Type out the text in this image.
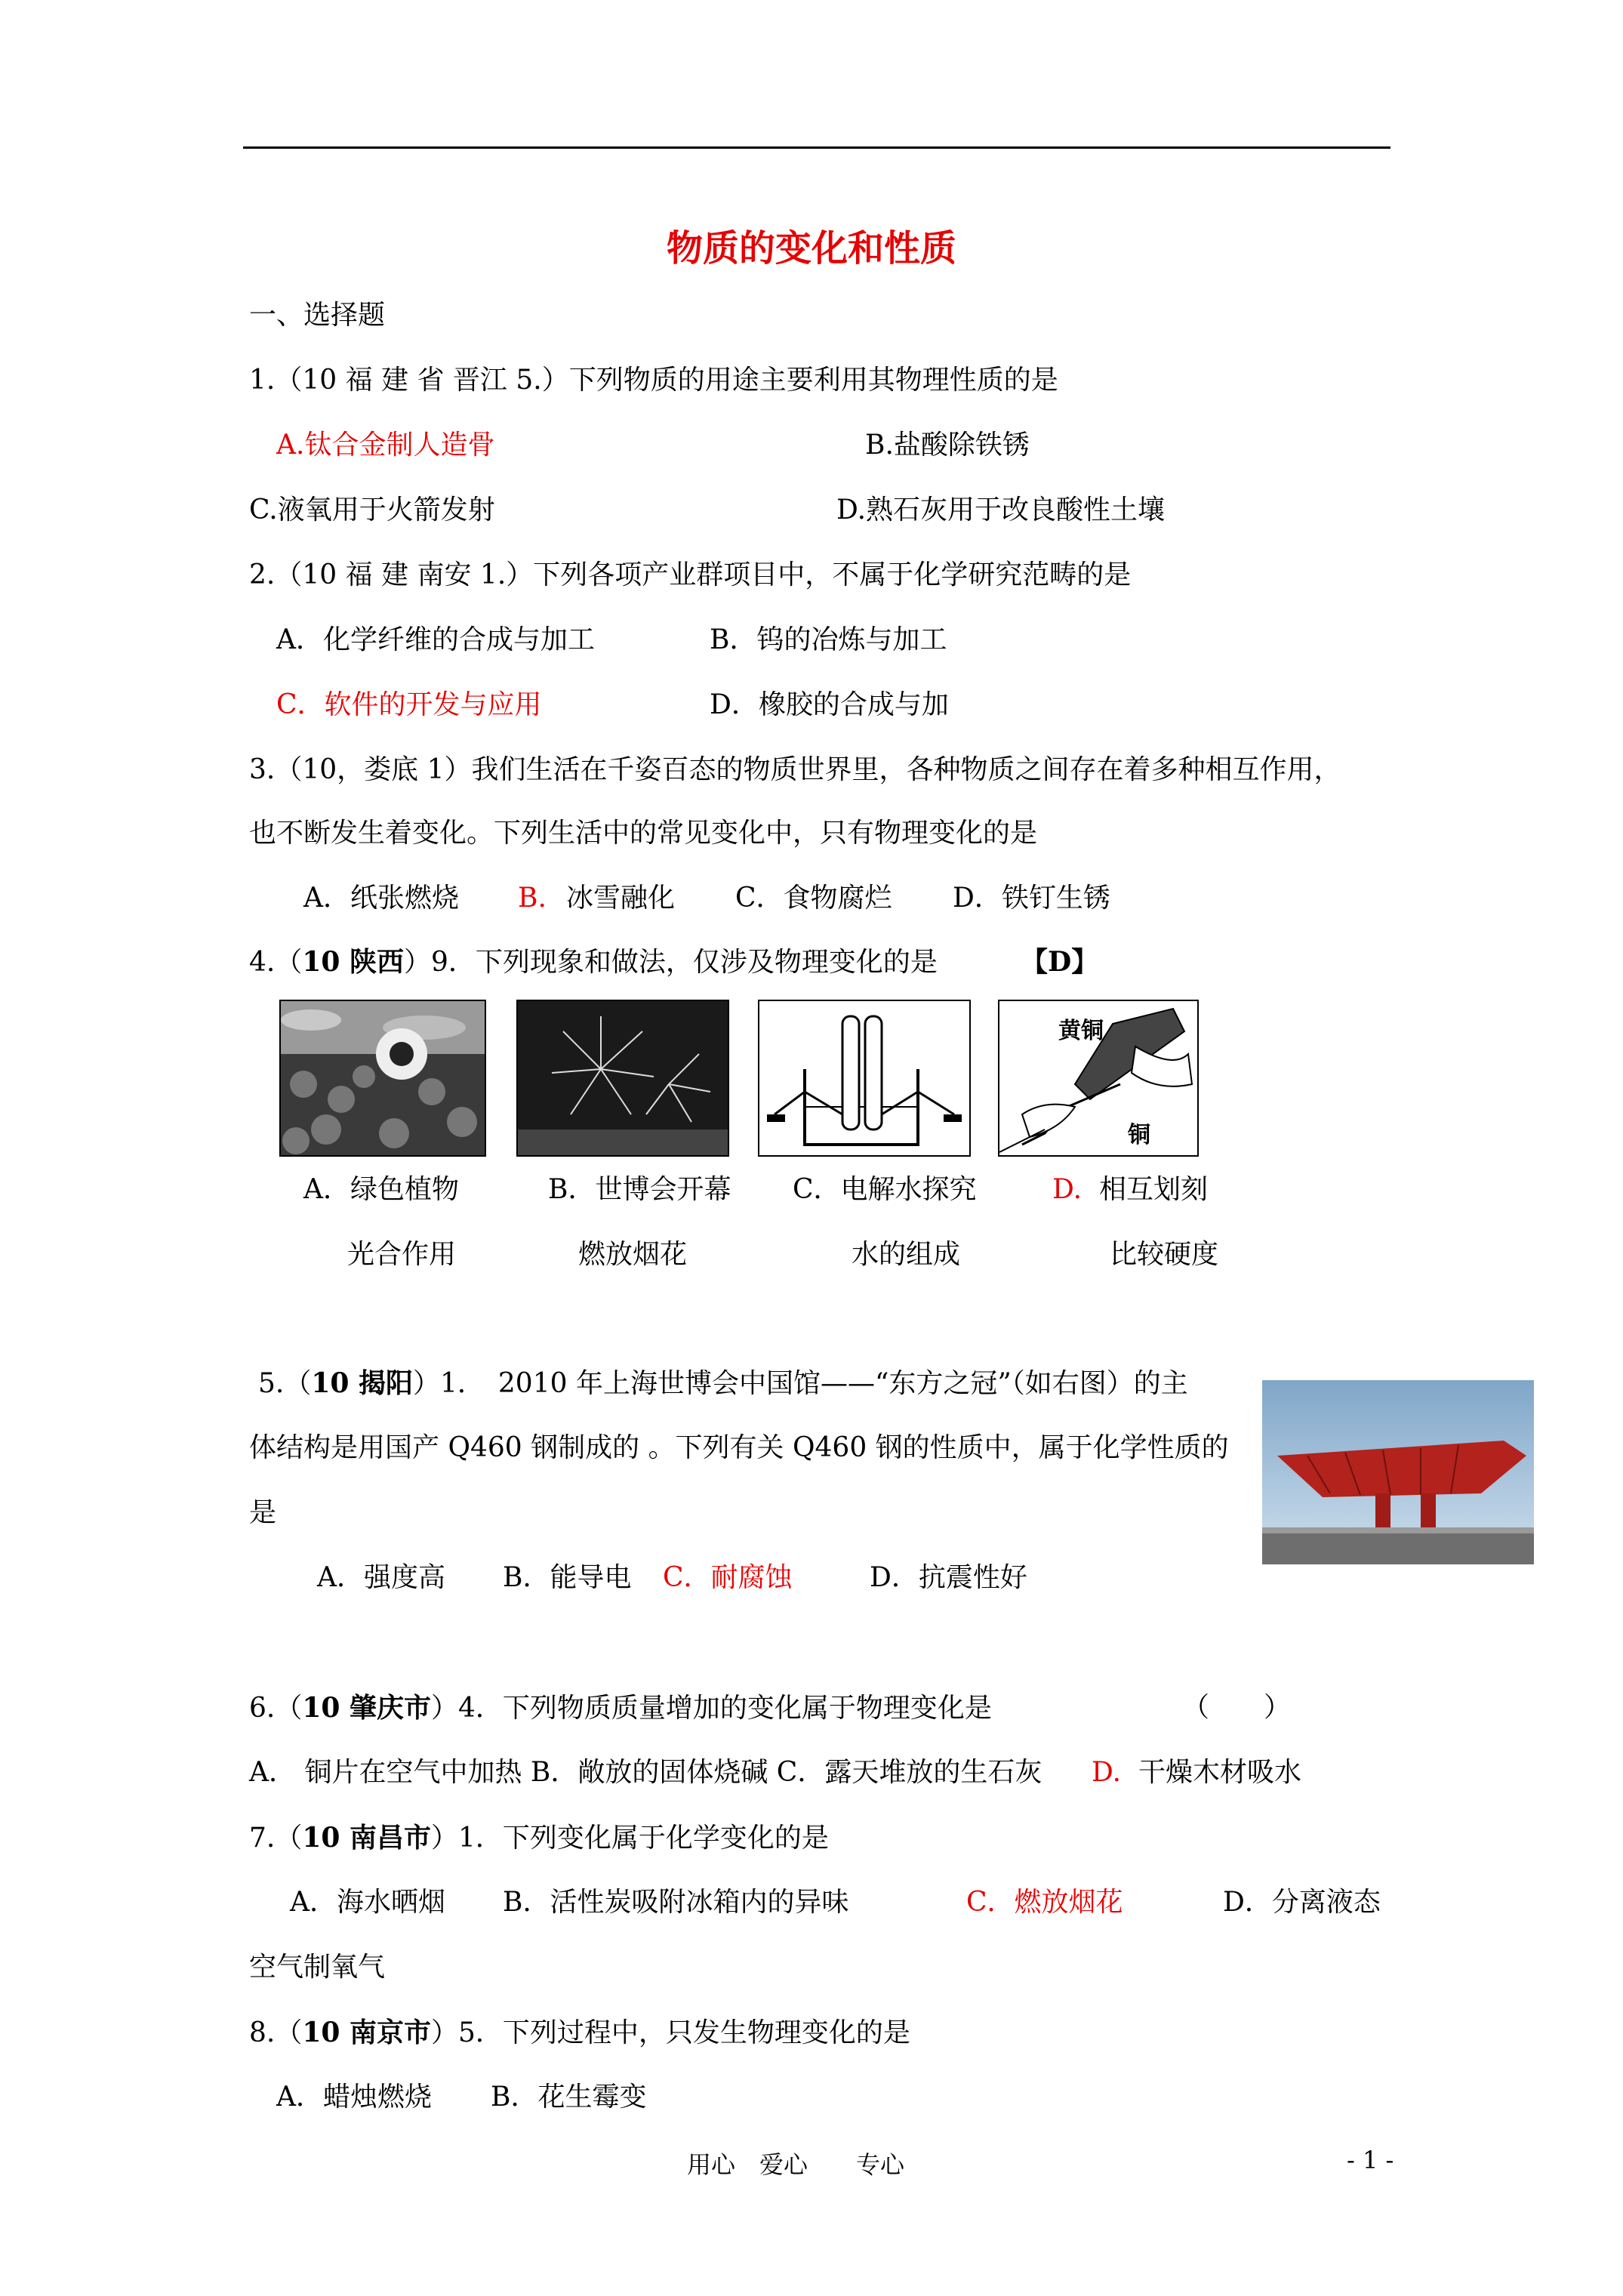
物质的变化和性质
一、选择题
1.（10 福 建 省 晋江 5.）下列物质的用途主要利用其物理性质的是
A.钛合金制人造骨	B.盐酸除铁锈
C.液氧用于火箭发射	D.熟石灰用于改良酸性土壤
2.（10 福 建 南安 1.）下列各项产业群项目中，不属于化学研究范畴的是
A．化学纤维的合成与加工	B．钨的冶炼与加工
C．软件的开发与应用	D．橡胶的合成与加
3.（10，娄底 1）我们生活在千姿百态的物质世界里，各种物质之间存在着多种相互作用，
也不断发生着变化。下列生活中的常见变化中，只有物理变化的是
A．纸张燃烧 B. 冰雪融化 C．食物腐烂 D．铁钉生锈
4.（10 陕西）9．下列现象和做法，仅涉及物理变化的是	【D】
黄铜
铜
A．绿色植物
光合作用
B．世博会开幕
燃放烟花
C．电解水探究
水的组成
D. 相互划刻
比较硬度
5.（10 揭阳）1．　2010 年上海世博会中国馆——“东方之冠”（如右图）的主
体结构是用国产 Q460 钢制成的 。下列有关 Q460 钢的性质中，属于化学性质的
是
A．强度高 B．能导电 C．耐腐蚀	D．抗震性好
6.（10 肇庆市）4．下列物质质量增加的变化属于物理变化是	（　　）
A． 铜片在空气中加热 B．敞放的固体烧碱 C．露天堆放的生石灰 D. 干燥木材吸水
7.（10 南昌市）1．下列变化属于化学变化的是
A．海水晒烟 B．活性炭吸附冰箱内的异味	C．燃放烟花	D．分离液态
空气制氧气
8.（10 南京市）5．下列过程中，只发生物理变化的是
A．蜡烛燃烧 B．花生霉变
用心　爱心　　专心	- 1 -
